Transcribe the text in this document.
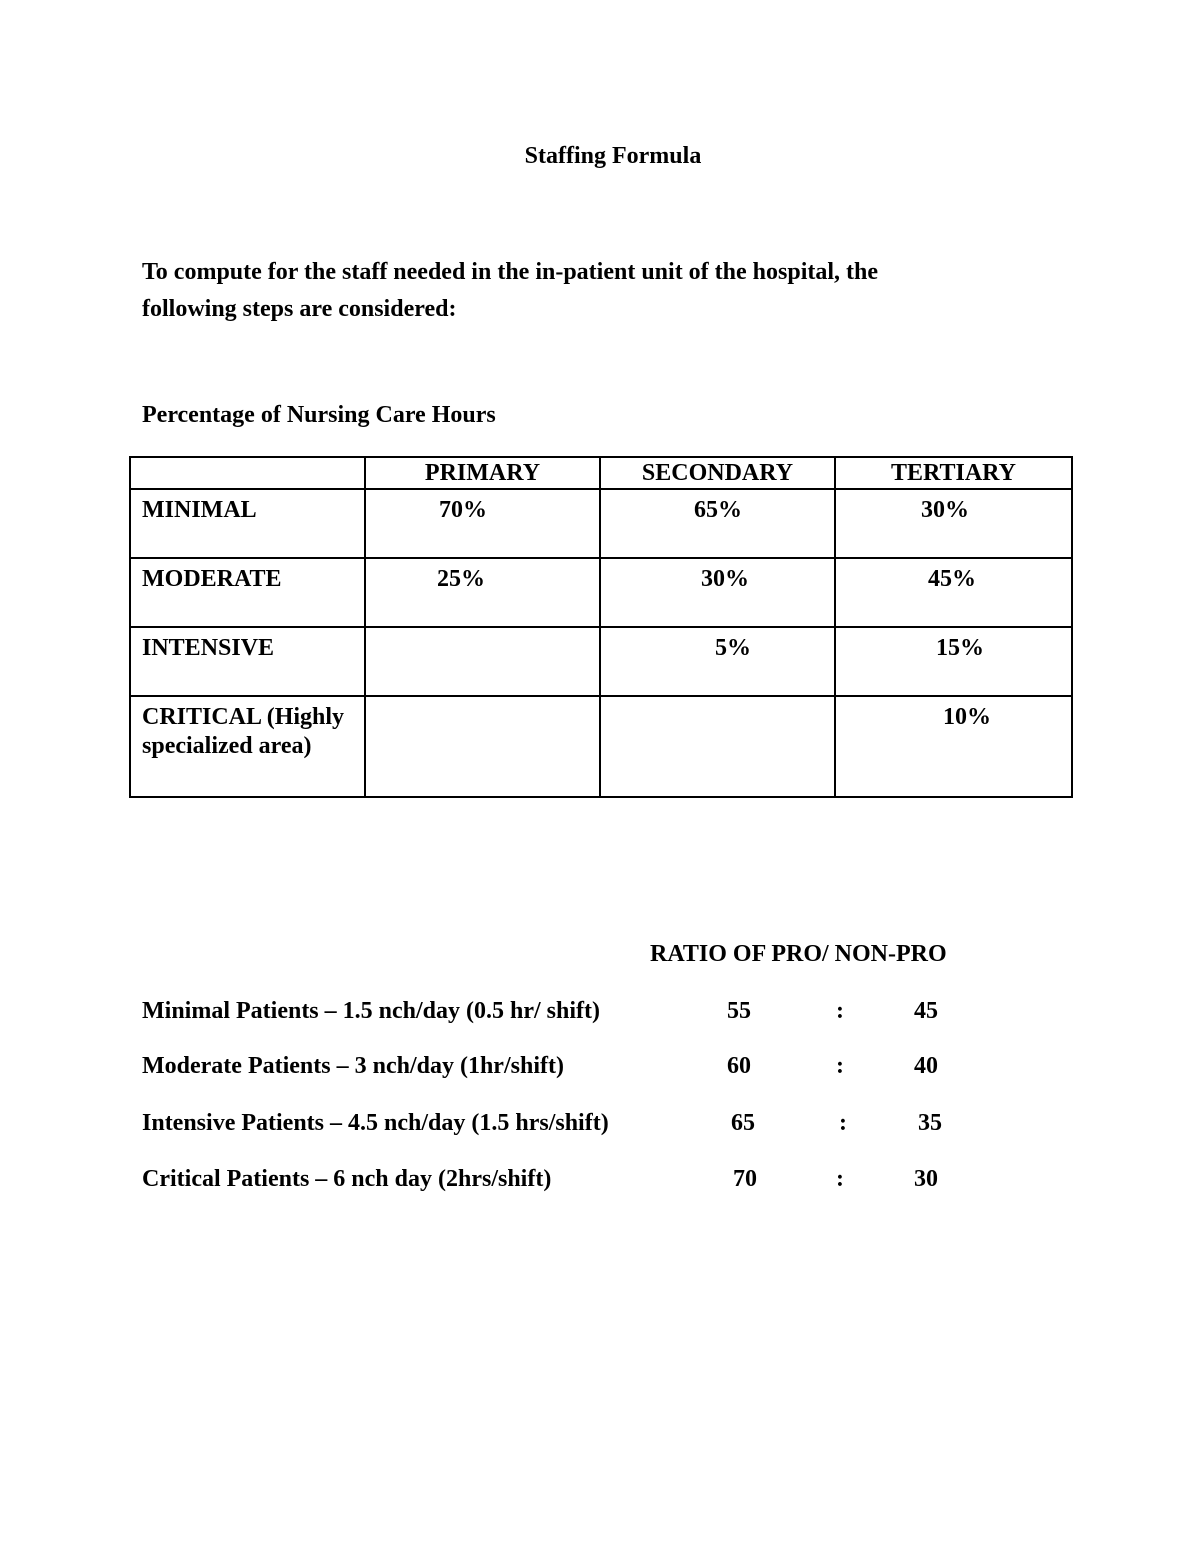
Staffing Formula
To compute for the staff needed in the in-patient unit of the hospital, the
following steps are considered:
Percentage of Nursing Care Hours
	PRIMARY	SECONDARY	TERTIARY
MINIMAL	70%	65%	30%

MODERATE	25%	30%	45%

INTENSIVE		5%	15%

CRITICAL (Highly specialized area)			10%
RATIO OF PRO/ NON-PRO
Minimal Patients – 1.5 nch/day (0.5 hr/ shift)	55	:	45
Moderate Patients – 3 nch/day (1hr/shift)	60	:	40
Intensive Patients – 4.5 nch/day (1.5 hrs/shift)	65	:	35
Critical Patients – 6 nch day (2hrs/shift)	70	:	30
